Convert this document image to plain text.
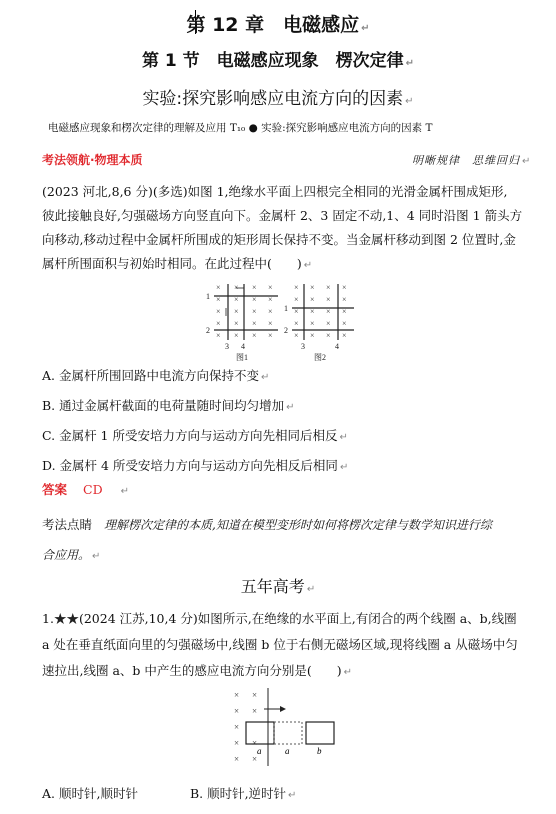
第 12 章　电磁感应 ↵
第 1 节　电磁感应现象　楞次定律 ↵
实验:探究影响感应电流方向的因素 ↵
电磁感应现象和楞次定律的理解及应用 T₁₀ ● 实验:探究影响感应电流方向的因素 T
考法领航·物理本质	明晰规律　思维回归 ↵
(2023 河北,8,6 分)(多选)如图 1,绝缘水平面上四根完全相同的光滑金属杆围成矩形,
彼此接触良好,匀强磁场方向竖直向下。金属杆 2、3 固定不动,1、4 同时沿图 1 箭头方
向移动,移动过程中金属杆所围成的矩形周长保持不变。当金属杆移动到图 2 位置时,金
属杆所围面积与初始时相同。在此过程中(　　) ↵
× × × ×
× × × ×
× × × ×
× × × ×
× × × ×
1
2
3 4
图1
× × × ×
× × × ×
× × × ×
× × × ×
× × × ×
1
2
3	4
图2
A. 金属杆所围回路中电流方向保持不变 ↵
B. 通过金属杆截面的电荷量随时间均匀增加 ↵
C. 金属杆 1 所受安培力方向与运动方向先相同后相反 ↵
D. 金属杆 4 所受安培力方向与运动方向先相反后相同 ↵
答案 CD ↵
考法点睛 理解楞次定律的本质,知道在模型变形时如何将楞次定律与数学知识进行综
合应用。 ↵
五年高考 ↵
1.★★(2024 江苏,10,4 分)如图所示,在绝缘的水平面上,有闭合的两个线圈 a、b,线圈
a 处在垂直纸面向里的匀强磁场中,线圈 b 位于右侧无磁场区域,现将线圈 a 从磁场中匀
速拉出,线圈 a、b 中产生的感应电流方向分别是(　　) ↵
× ×
× ×
×
× ×
× ×
a	a	b
A. 顺时针,顺时针	B. 顺时针,逆时针 ↵
